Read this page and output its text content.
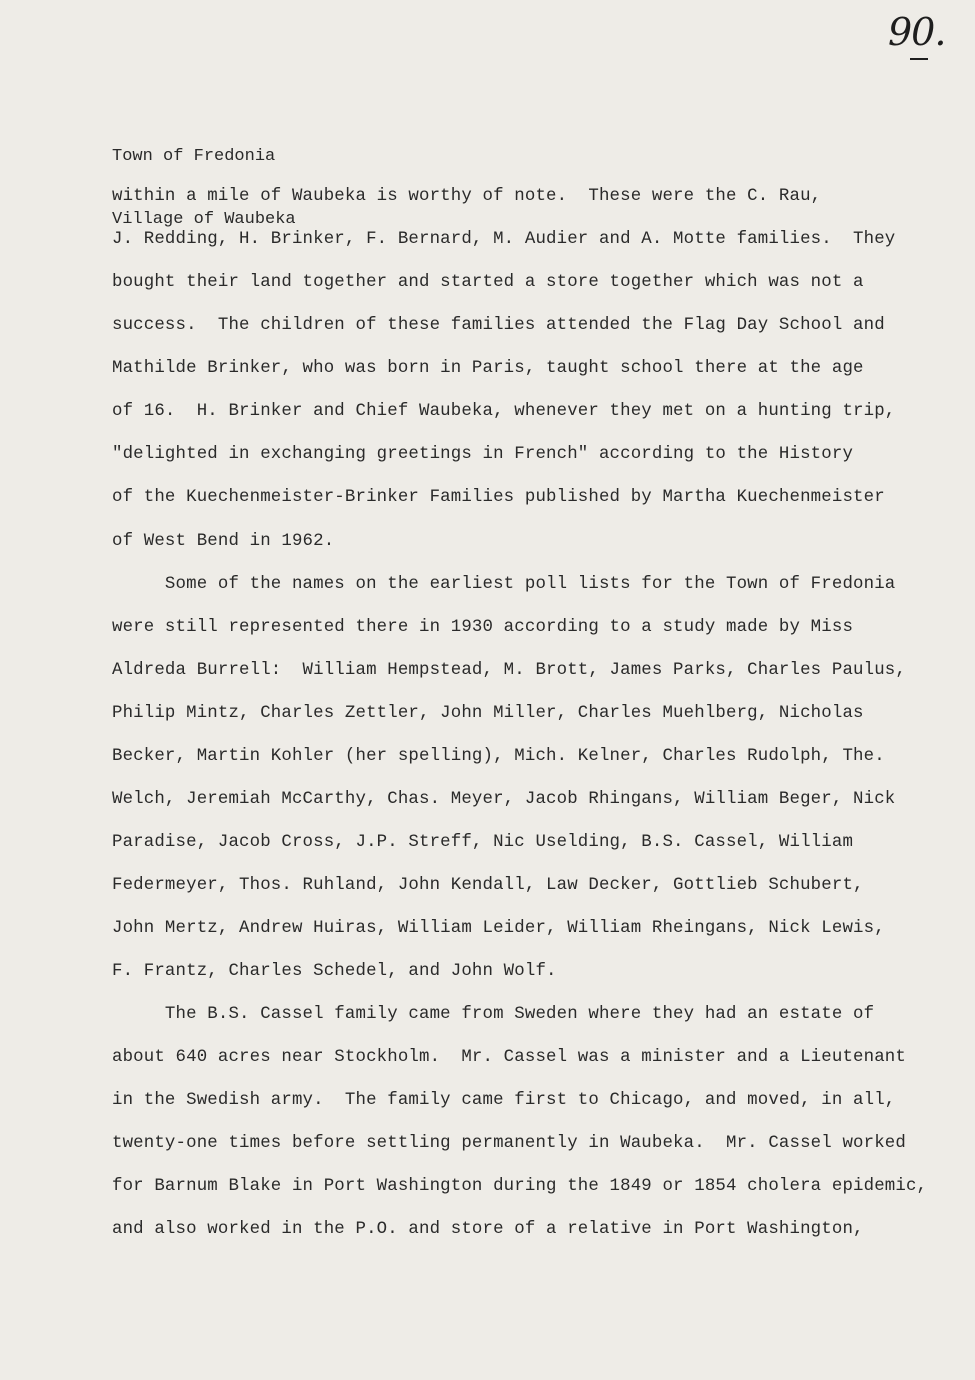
90.

Town of Fredonia

Village of Waubeka

within a mile of Waubeka is worthy of note.  These were the C. Rau,
J. Redding, H. Brinker, F. Bernard, M. Audier and A. Motte families.  They
bought their land together and started a store together which was not a
success.  The children of these families attended the Flag Day School and
Mathilde Brinker, who was born in Paris, taught school there at the age
of 16.  H. Brinker and Chief Waubeka, whenever they met on a hunting trip,
"delighted in exchanging greetings in French" according to the History
of the Kuechenmeister-Brinker Families published by Martha Kuechenmeister
of West Bend in 1962.
Some of the names on the earliest poll lists for the Town of Fredonia
were still represented there in 1930 according to a study made by Miss
Aldreda Burrell:  William Hempstead, M. Brott, James Parks, Charles Paulus,
Philip Mintz, Charles Zettler, John Miller, Charles Muehlberg, Nicholas
Becker, Martin Kohler (her spelling), Mich. Kelner, Charles Rudolph, The.
Welch, Jeremiah McCarthy, Chas. Meyer, Jacob Rhingans, William Beger, Nick
Paradise, Jacob Cross, J.P. Streff, Nic Uselding, B.S. Cassel, William
Federmeyer, Thos. Ruhland, John Kendall, Law Decker, Gottlieb Schubert,
John Mertz, Andrew Huiras, William Leider, William Rheingans, Nick Lewis,
F. Frantz, Charles Schedel, and John Wolf.
The B.S. Cassel family came from Sweden where they had an estate of
about 640 acres near Stockholm.  Mr. Cassel was a minister and a Lieutenant
in the Swedish army.  The family came first to Chicago, and moved, in all,
twenty-one times before settling permanently in Waubeka.  Mr. Cassel worked
for Barnum Blake in Port Washington during the 1849 or 1854 cholera epidemic,
and also worked in the P.O. and store of a relative in Port Washington,
